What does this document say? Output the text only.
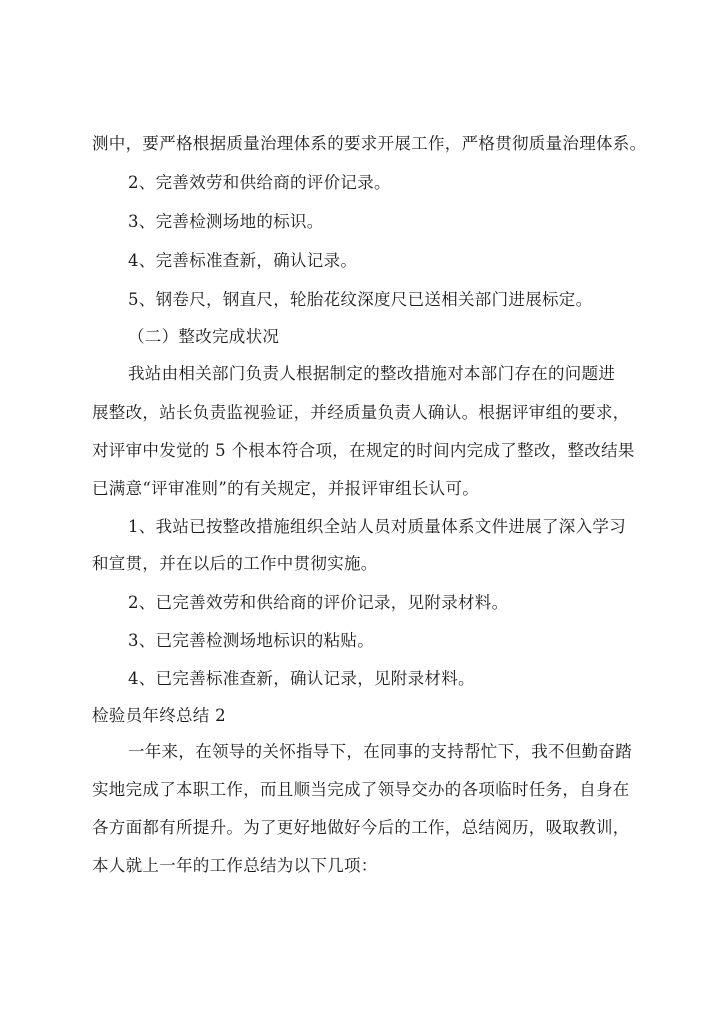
测中，要严格根据质量治理体系的要求开展工作，严格贯彻质量治理体系。
2、完善效劳和供给商的评价记录。
3、完善检测场地的标识。
4、完善标准查新，确认记录。
5、钢卷尺，钢直尺，轮胎花纹深度尺已送相关部门进展标定。
（二）整改完成状况
我站由相关部门负责人根据制定的整改措施对本部门存在的问题进
展整改，站长负责监视验证，并经质量负责人确认。根据评审组的要求，
对评审中发觉的 5 个根本符合项，在规定的时间内完成了整改，整改结果
已满意“评审准则”的有关规定，并报评审组长认可。
1、我站已按整改措施组织全站人员对质量体系文件进展了深入学习
和宣贯，并在以后的工作中贯彻实施。
2、已完善效劳和供给商的评价记录，见附录材料。
3、已完善检测场地标识的粘贴。
4、已完善标准查新，确认记录，见附录材料。
检验员年终总结 2
一年来，在领导的关怀指导下，在同事的支持帮忙下，我不但勤奋踏
实地完成了本职工作，而且顺当完成了领导交办的各项临时任务，自身在
各方面都有所提升。为了更好地做好今后的工作，总结阅历，吸取教训，
本人就上一年的工作总结为以下几项：
